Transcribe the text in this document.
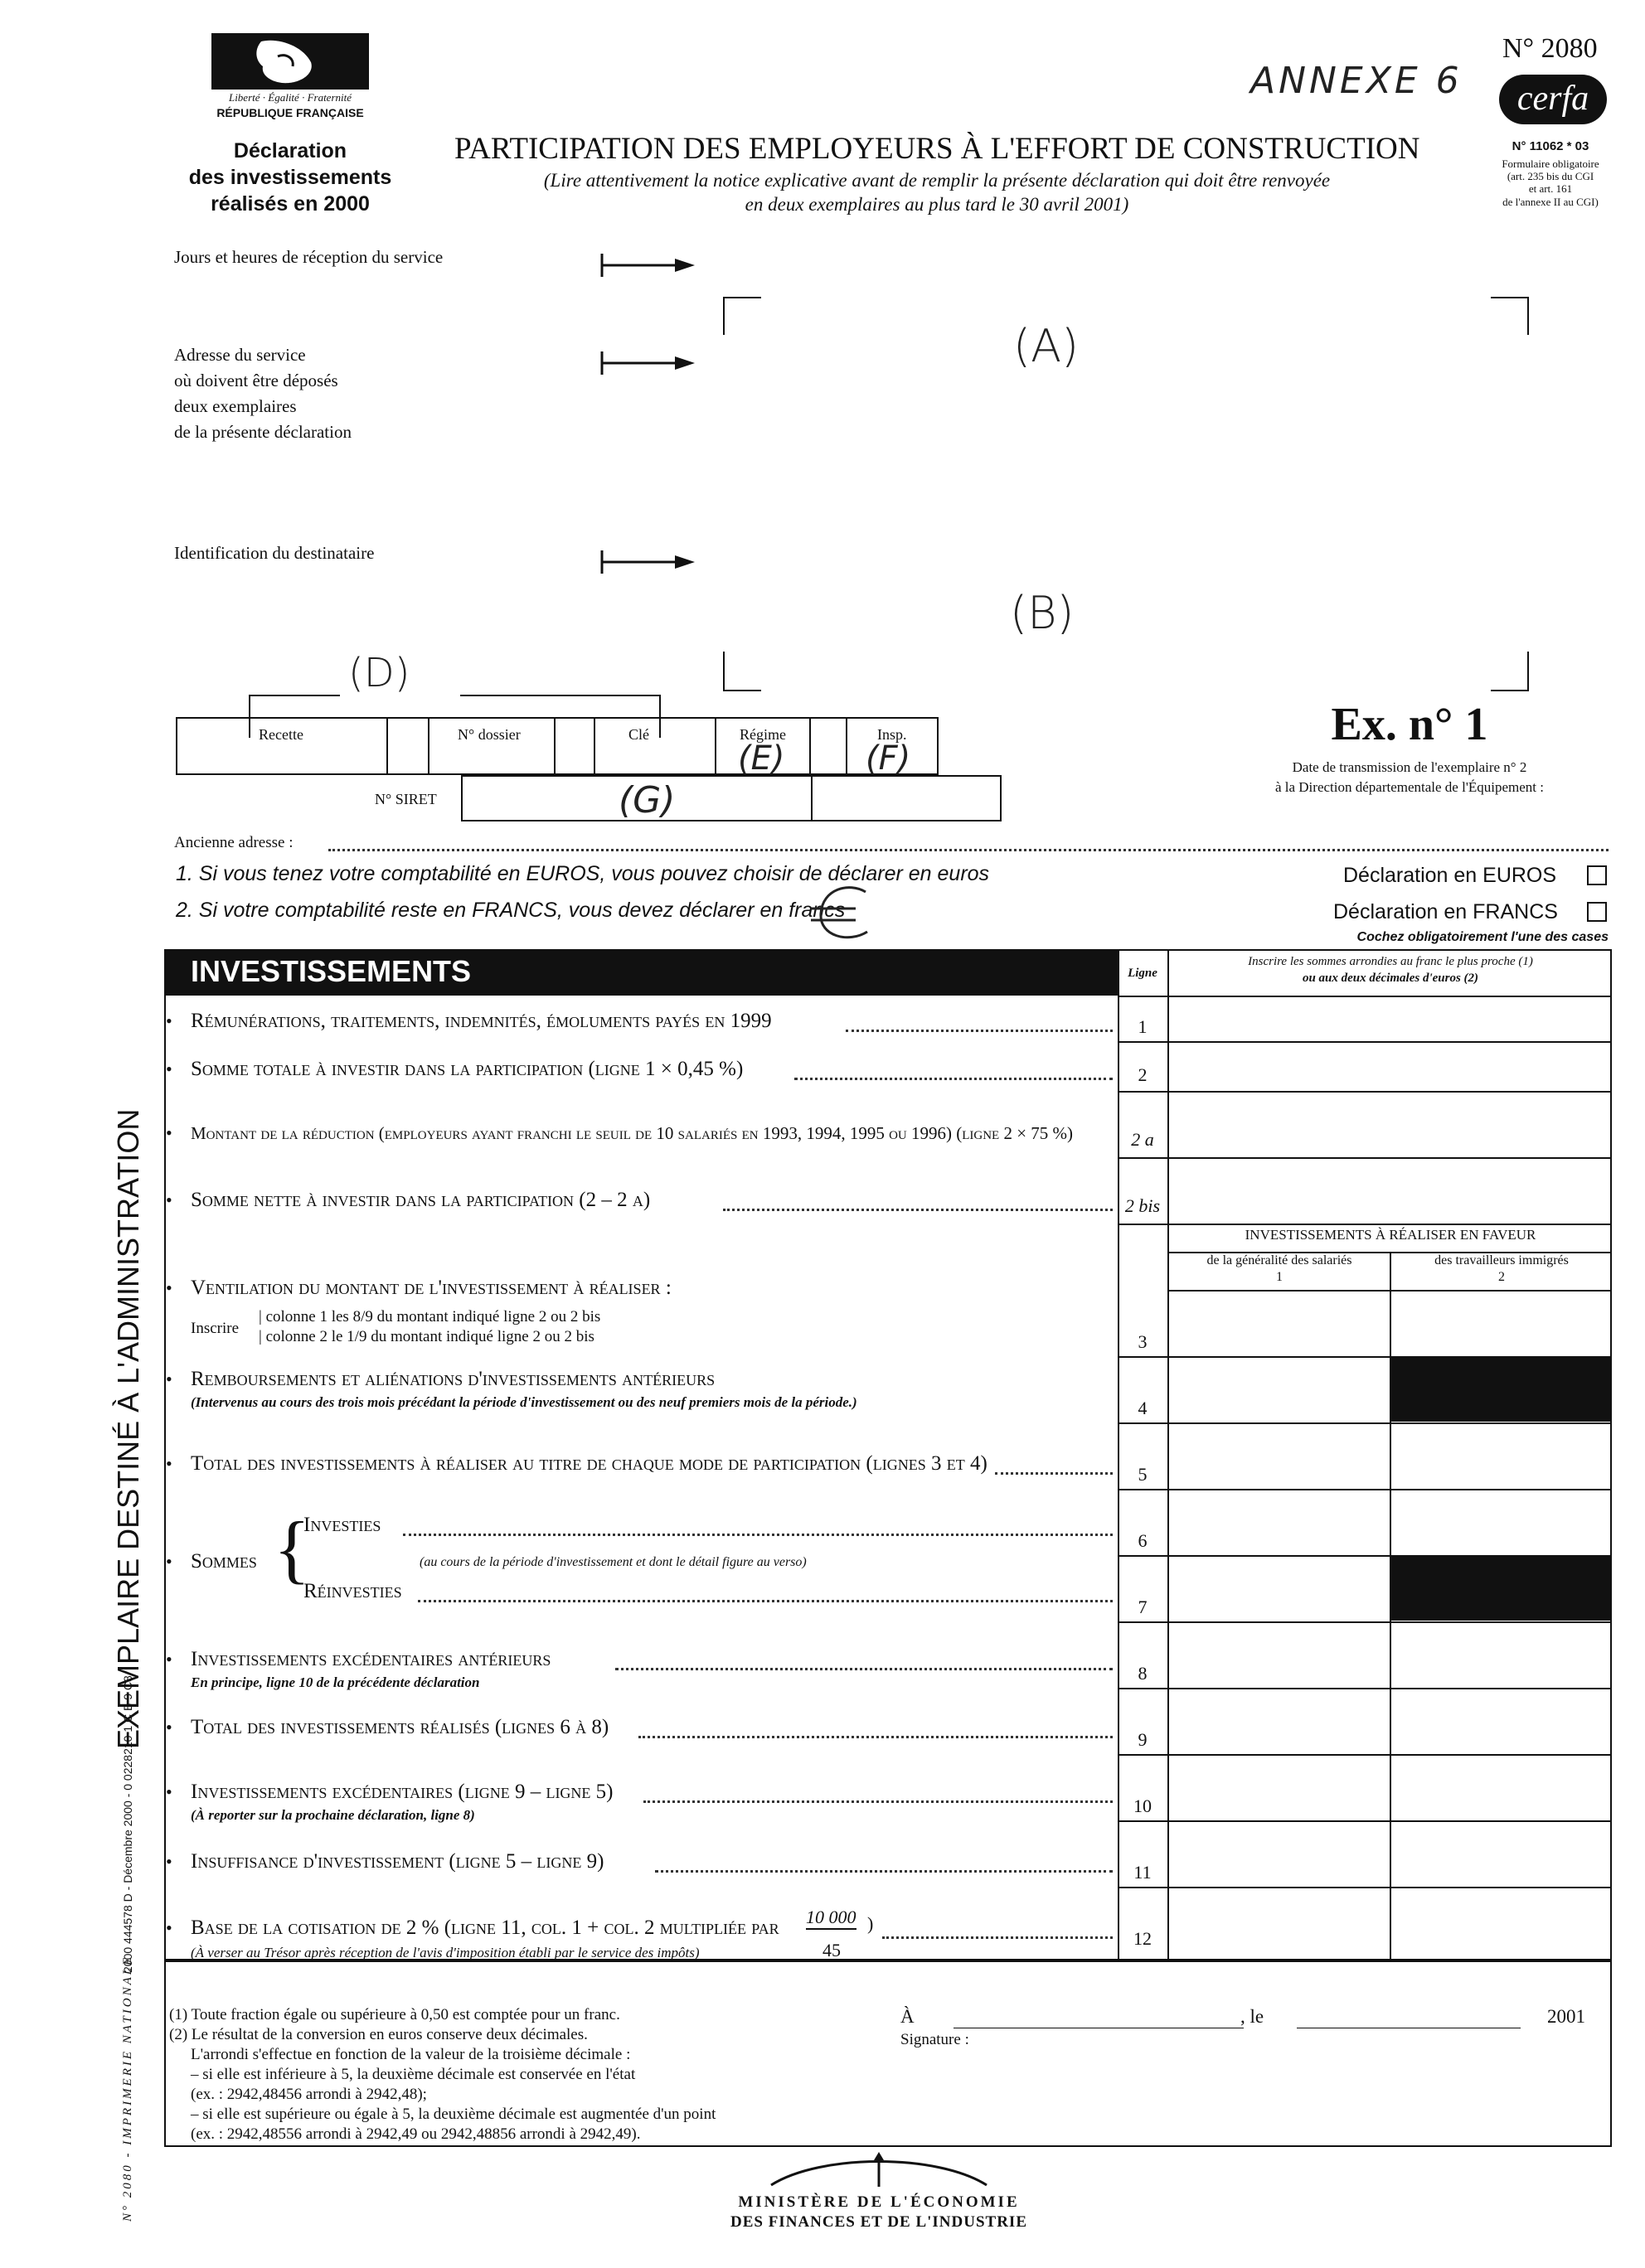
Liberté · Égalité · Fraternité
RÉPUBLIQUE FRANÇAISE
Déclaration
des investissements
réalisés en 2000
PARTICIPATION DES EMPLOYEURS À L'EFFORT DE CONSTRUCTION
(Lire attentivement la notice explicative avant de remplir la présente déclaration qui doit être renvoyée
en deux exemplaires au plus tard le 30 avril 2001)
ANNEXE 6
N° 2080
cerfa
N° 11062 * 03
Formulaire obligatoire
(art. 235 bis du CGI
et art. 161
de l'annexe II au CGI)
Jours et heures de réception du service
Adresse du service
où doivent être déposés
deux exemplaires
de la présente déclaration
Identification du destinataire
(A)
(B)
(D)
Recette	N° dossier	Clé	Régime	Insp.
(E) (F)
N° SIRET	(G)
Ex. n° 1
Date de transmission de l'exemplaire n° 2
à la Direction départementale de l'Équipement :
Ancienne adresse :
1. Si vous tenez votre comptabilité en EUROS, vous pouvez choisir de déclarer en euros
2. Si votre comptabilité reste en FRANCS, vous devez déclarer en francs
Déclaration en EUROS
Déclaration en FRANCS
Cochez obligatoirement l'une des cases
INVESTISSEMENTS	Ligne
Inscrire les sommes arrondies au franc le plus proche (1)
ou aux deux décimales d'euros (2)
INVESTISSEMENTS À RÉALISER EN FAVEUR
de la généralité des salariés
1
des travailleurs immigrés
2
• Rémunérations, traitements, indemnités, émoluments payés en 1999	1
• Somme totale à investir dans la participation (ligne 1 × 0,45 %)	2
• Montant de la réduction (employeurs ayant franchi le seuil de 10 salariés en 1993, 1994, 1995 ou 1996) (ligne 2 × 75 %)	2 a
• Somme nette à investir dans la participation (2 – 2 a)	2 bis
• Ventilation du montant de l'investissement à réaliser :
Inscrire
| colonne 1 les 8/9 du montant indiqué ligne 2 ou 2 bis
| colonne 2 le 1/9 du montant indiqué ligne 2 ou 2 bis	3
• Remboursements et aliénations d'investissements antérieurs
(Intervenus au cours des trois mois précédant la période d'investissement ou des neuf premiers mois de la période.)	4
• Total des investissements à réaliser au titre de chaque mode de participation (lignes 3 et 4)	5
• Sommes {
Investies
6
(au cours de la période d'investissement et dont le détail figure au verso)
Réinvesties
7
• Investissements excédentaires antérieurs
En principe, ligne 10 de la précédente déclaration	8
• Total des investissements réalisés (lignes 6 à 8)
9
• Investissements excédentaires (ligne 9 – ligne 5)
(À reporter sur la prochaine déclaration, ligne 8)	10
• Insuffisance d'investissement (ligne 5 – ligne 9)	11
• Base de la cotisation de 2 % (ligne 11, col. 1 + col. 2 multipliée par 10 000 )
45
(À verser au Trésor après réception de l'avis d'imposition établi par le service des impôts)
12
(1) Toute fraction égale ou supérieure à 0,50 est comptée pour un franc.
(2) Le résultat de la conversion en euros conserve deux décimales.
L'arrondi s'effectue en fonction de la valeur de la troisième décimale :
– si elle est inférieure à 5, la deuxième décimale est conservée en l'état
(ex. : 2942,48456 arrondi à 2942,48);
– si elle est supérieure ou égale à 5, la deuxième décimale est augmentée d'un point
(ex. : 2942,48556 arrondi à 2942,49 ou 2942,48856 arrondi à 2942,49).
À	, le	2001
Signature :
MINISTÈRE DE L'ÉCONOMIE
DES FINANCES ET DE L'INDUSTRIE
EXEMPLAIRE DESTINÉ À L'ADMINISTRATION
2000 444578 D - Décembre 2000 - 0 0228210 1 C B 9 C8
N° 2080 - IMPRIMERIE NATIONALE
